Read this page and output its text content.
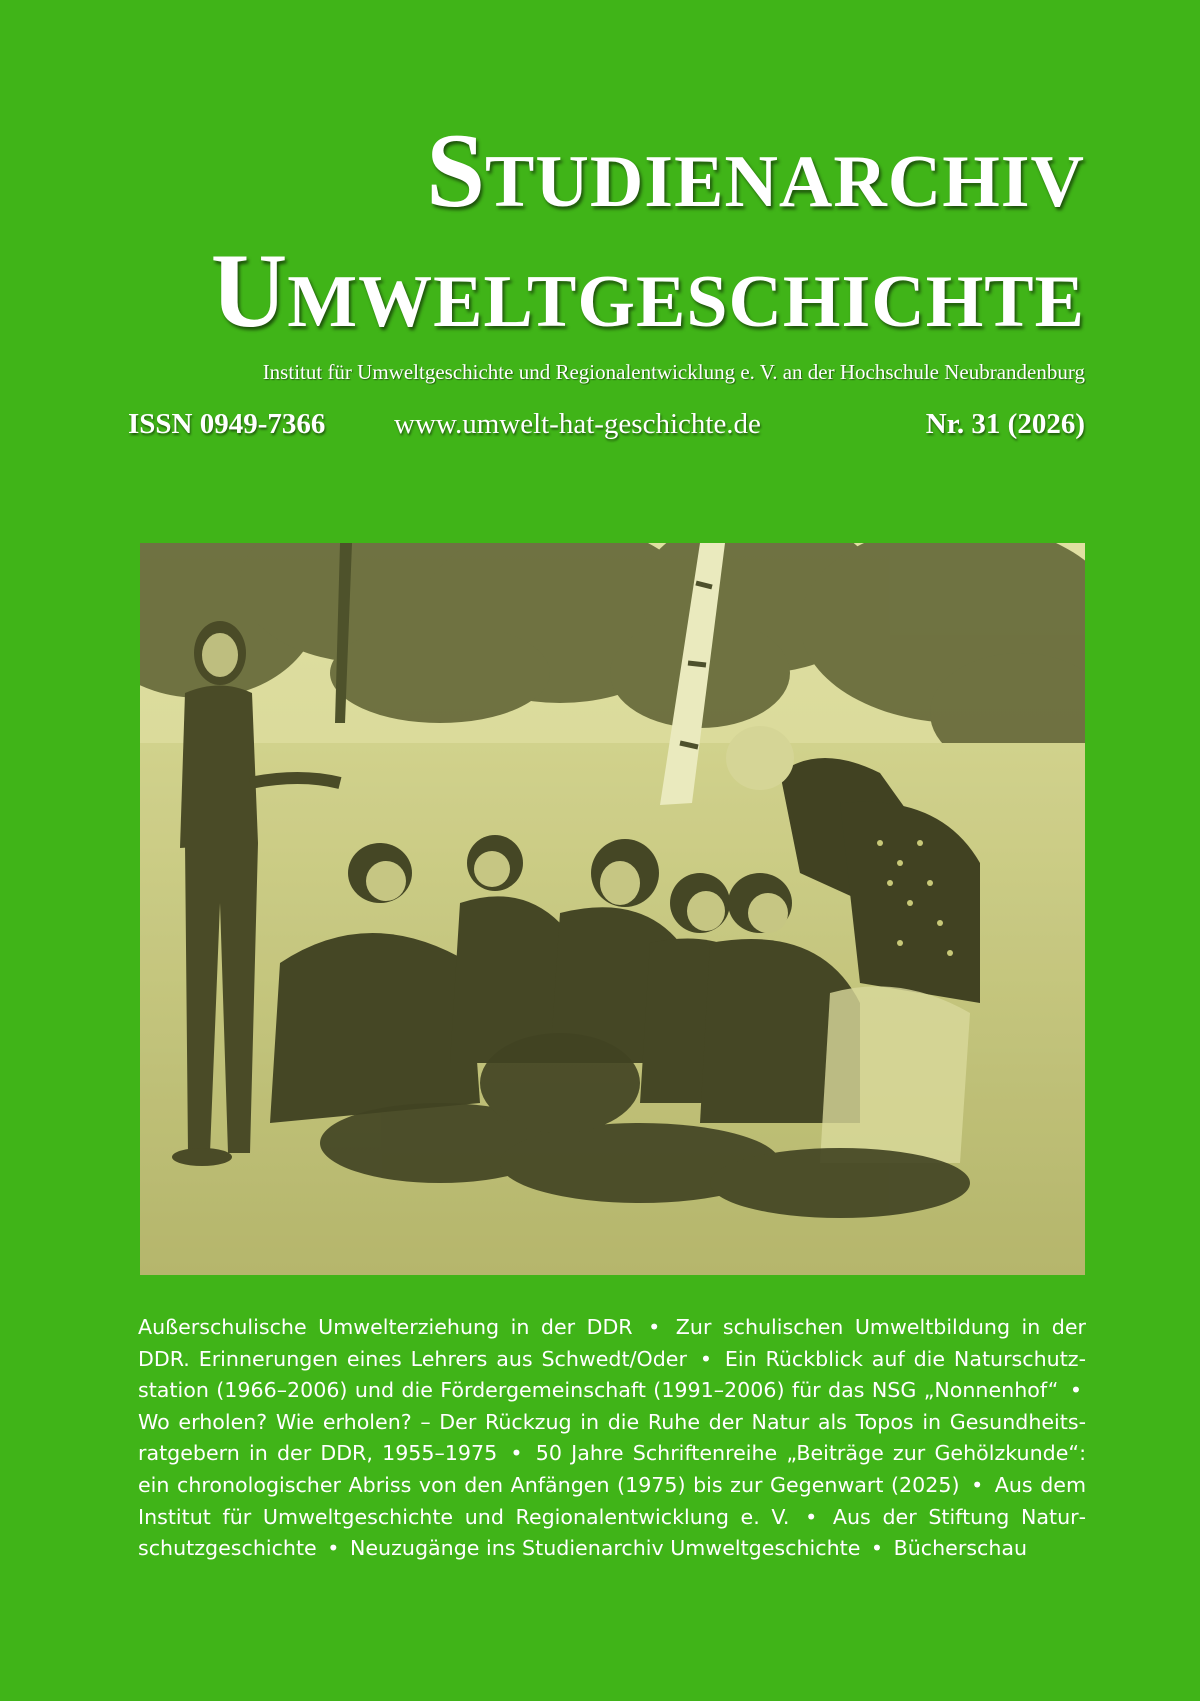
STUDIENARCHIV
UMWELTGESCHICHTE
Institut für Umweltgeschichte und Regionalentwicklung e. V. an der Hochschule Neubrandenburg
ISSN 0949-7366 www.umwelt-hat-geschichte.de	Nr. 31 (2026)
Außerschulische Umwelterziehung in der DDR • Zur schulischen Umweltbildung in der DDR. Erinnerungen eines Lehrers aus Schwedt/Oder • Ein Rückblick auf die Naturschutzstation (1966–2006) und die Fördergemeinschaft (1991–2006) für das NSG „Nonnenhof“ • Wo erholen? Wie erholen? – Der Rückzug in die Ruhe der Natur als Topos in Gesundheitsratgebern in der DDR, 1955–1975 • 50 Jahre Schriftenreihe „Beiträge zur Gehölzkunde“: ein chronologischer Abriss von den Anfängen (1975) bis zur Gegenwart (2025) • Aus dem Institut für Umweltgeschichte und Regionalentwicklung e. V. • Aus der Stiftung Naturschutzgeschichte • Neuzugänge ins Studienarchiv Umweltgeschichte • Bücherschau
